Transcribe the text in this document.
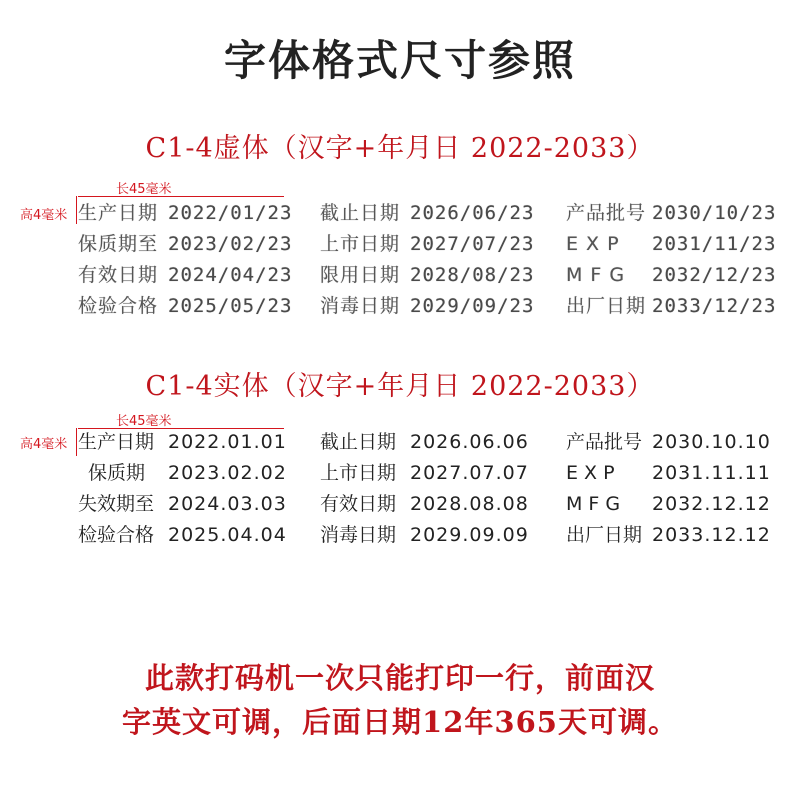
字体格式尺寸参照
C1-4虚体（汉字+年月日 2022-2033）
长45毫米
高4毫米 生产日期 2022/01/23 截止日期 2026/06/23 产品批号 2030/10/23
保质期至 2023/02/23 上市日期 2027/07/23 E X P 2031/11/23
有效日期 2024/04/23 限用日期 2028/08/23 M F G 2032/12/23
检验合格 2025/05/23 消毒日期 2029/09/23 出厂日期 2033/12/23
C1-4实体（汉字+年月日 2022-2033）
长45毫米
高4毫米 生产日期 2022.01.01 截止日期 2026.06.06 产品批号 2030.10.10
保质期 2023.02.02 上市日期 2027.07.07 E X P 2031.11.11
失效期至 2024.03.03 有效日期 2028.08.08 M F G 2032.12.12
检验合格 2025.04.04 消毒日期 2029.09.09 出厂日期 2033.12.12
此款打码机一次只能打印一行，前面汉
字英文可调，后面日期12年365天可调。
